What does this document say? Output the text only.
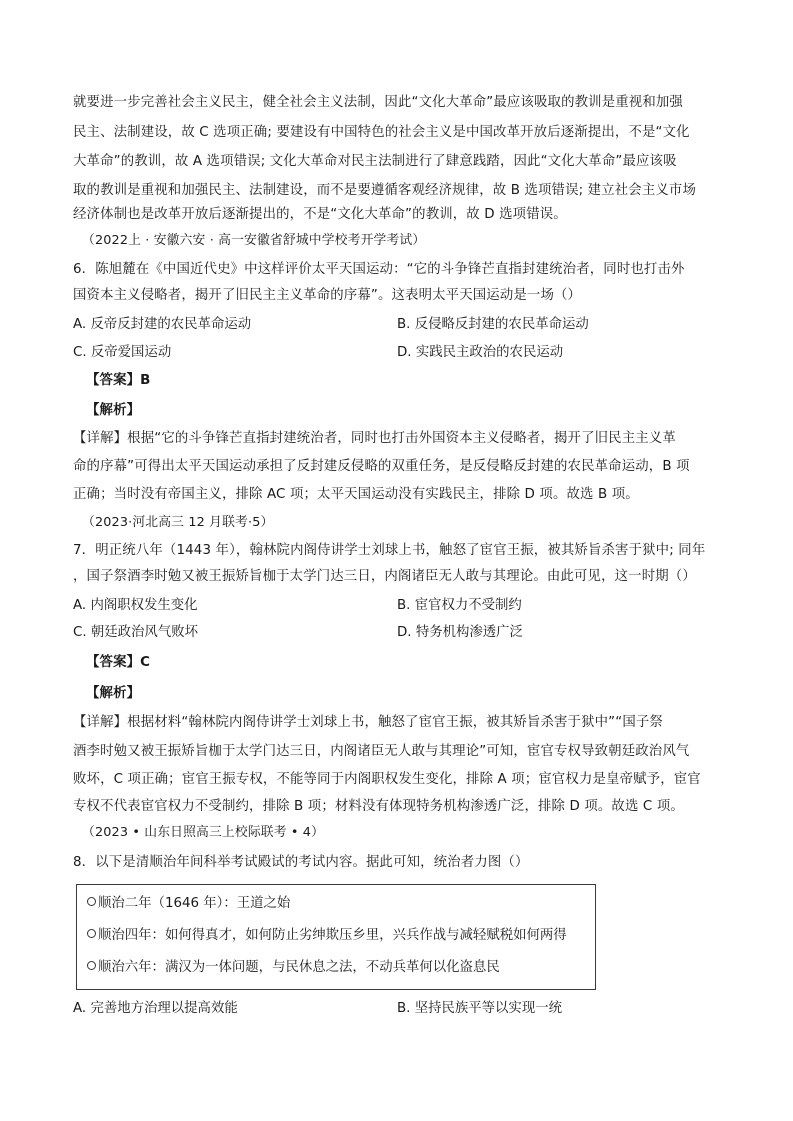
就要进一步完善社会主义民主，健全社会主义法制，因此“文化大革命”最应该吸取的教训是重视和加强
民主、法制建设，故 C 选项正确; 要建设有中国特色的社会主义是中国改革开放后逐渐提出，不是“文化
大革命”的教训，故 A 选项错误; 文化大革命对民主法制进行了肆意践踏，因此“文化大革命”最应该吸
取的教训是重视和加强民主、法制建设，而不是要遵循客观经济规律，故 B 选项错误; 建立社会主义市场
经济体制也是改革开放后逐渐提出的，不是“文化大革命”的教训，故 D 选项错误。
（2022上 · 安徽六安 · 高一安徽省舒城中学校考开学考试）
6．陈旭麓在《中国近代史》中这样评价太平天国运动：“它的斗争锋芒直指封建统治者，同时也打击外
国资本主义侵略者，揭开了旧民主主义革命的序幕”。这表明太平天国运动是一场（）
A. 反帝反封建的农民革命运动	B. 反侵略反封建的农民革命运动
C. 反帝爱国运动	D. 实践民主政治的农民运动
【答案】B
【解析】
【详解】根据“它的斗争锋芒直指封建统治者，同时也打击外国资本主义侵略者，揭开了旧民主主义革
命的序幕”可得出太平天国运动承担了反封建反侵略的双重任务，是反侵略反封建的农民革命运动，B 项
正确；当时没有帝国主义，排除 AC 项；太平天国运动没有实践民主，排除 D 项。故选 B 项。
（2023·河北高三 12 月联考·5）
7．明正统八年（1443 年），翰林院内阁侍讲学士刘球上书，触怒了宦官王振，被其矫旨杀害于狱中; 同年
，国子祭酒李时勉又被王振矫旨枷于太学门达三日，内阁诸臣无人敢与其理论。由此可见，这一时期（）
A. 内阁职权发生变化	B. 宦官权力不受制约
C. 朝廷政治风气败坏	D. 特务机构渗透广泛
【答案】C
【解析】
【详解】根据材料“翰林院内阁侍讲学士刘球上书，触怒了宦官王振，被其矫旨杀害于狱中”“国子祭
酒李时勉又被王振矫旨枷于太学门达三日，内阁诸臣无人敢与其理论”可知，宦官专权导致朝廷政治风气
败坏，C 项正确；宦官王振专权，不能等同于内阁职权发生变化，排除 A 项；宦官权力是皇帝赋予，宦官
专权不代表宦官权力不受制约，排除 B 项；材料没有体现特务机构渗透广泛，排除 D 项。故选 C 项。
（2023 • 山东日照高三上校际联考 • 4）
8．以下是清顺治年间科举考试殿试的考试内容。据此可知，统治者力图（）
顺治二年（1646 年）：王道之始
顺治四年：如何得真才，如何防止劣绅欺压乡里，兴兵作战与减轻赋税如何两得
顺治六年：满汉为一体问题，与民休息之法，不动兵革何以化盗息民
A. 完善地方治理以提高效能	B. 坚持民族平等以实现一统
